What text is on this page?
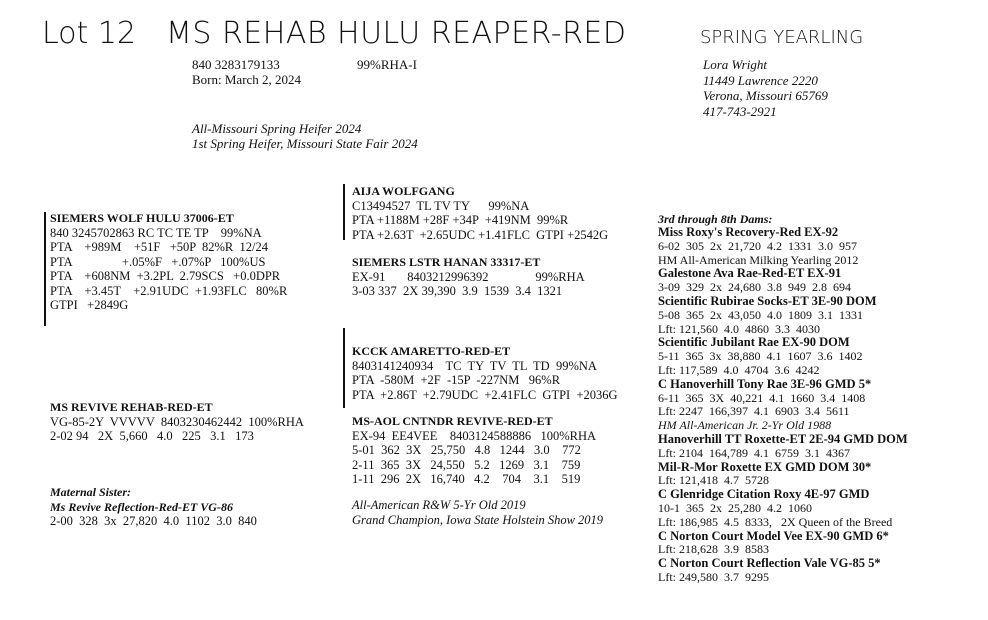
Lot 12 MS REHAB HULU REAPER-RED	SPRING YEARLING
840 3283179133	99%RHA-I
Born: March 2, 2024
All-Missouri Spring Heifer 2024
1st Spring Heifer, Missouri State Fair 2024
Lora Wright
11449 Lawrence 2220
Verona, Missouri 65769
417-743-2921
SIEMERS WOLF HULU 37006-ET
840 3245702863 RC TC TE TP    99%NA
PTA    +989M    +51F   +50P  82%R  12/24
PTA                +.05%F   +.07%P   100%US
PTA    +608NM  +3.2PL  2.79SCS   +0.0DPR
PTA    +3.45T    +2.91UDC  +1.93FLC   80%R
GTPI   +2849G
AIJA WOLFGANG
C13494527  TL TV TY      99%NA
PTA +1188M +28F +34P  +419NM  99%R
PTA +2.63T  +2.65UDC +1.41FLC  GTPI +2542G
SIEMERS LSTR HANAN 33317-ET
EX-91       8403212996392               99%RHA
3-03 337  2X 39,390  3.9  1539  3.4  1321
KCCK AMARETTO-RED-ET
8403141240934    TC  TY  TV  TL  TD  99%NA
PTA  -580M  +2F  -15P  -227NM   96%R
PTA  +2.86T  +2.79UDC  +2.41FLC  GTPI  +2036G
MS REVIVE REHAB-RED-ET
VG-85-2Y  VVVVV  8403230462442  100%RHA
2-02 94   2X  5,660   4.0   225   3.1   173
MS-AOL CNTNDR REVIVE-RED-ET
EX-94  EE4VEE    8403124588886   100%RHA
5-01  362  3X   25,750   4.8   1244   3.0    772
2-11  365  3X   24,550   5.2   1269   3.1    759
1-11  296  2X   16,740   4.2    704    3.1    519
All-American R&W 5-Yr Old 2019
Grand Champion, Iowa State Holstein Show 2019
Maternal Sister:
Ms Revive Reflection-Red-ET VG-86
2-00  328  3x  27,820  4.0  1102  3.0  840
3rd through 8th Dams:
Miss Roxy's Recovery-Red EX-92
6-02  305  2x  21,720  4.2  1331  3.0  957
HM All-American Milking Yearling 2012
Galestone Ava Rae-Red-ET EX-91
3-09  329  2x  24,680  3.8  949  2.8  694
Scientific Rubirae Socks-ET 3E-90 DOM
5-08  365  2x  43,050  4.0  1809  3.1  1331
Lft: 121,560  4.0  4860  3.3  4030
Scientific Jubilant Rae EX-90 DOM
5-11  365  3x  38,880  4.1  1607  3.6  1402
Lft: 117,589  4.0  4704  3.6  4242
C Hanoverhill Tony Rae 3E-96 GMD 5*
6-11  365  3X  40,221  4.1  1660  3.4  1408
Lft: 2247  166,397  4.1  6903  3.4  5611
HM All-American Jr. 2-Yr Old 1988
Hanoverhill TT Roxette-ET 2E-94 GMD DOM
Lft: 2104  164,789  4.1  6759  3.1  4367
Mil-R-Mor Roxette EX GMD DOM 30*
Lft: 121,418  4.7  5728
C Glenridge Citation Roxy 4E-97 GMD
10-1  365  2x  25,280  4.2  1060
Lft: 186,985  4.5  8333,   2X Queen of the Breed
C Norton Court Model Vee EX-90 GMD 6*
Lft: 218,628  3.9  8583
C Norton Court Reflection Vale VG-85 5*
Lft: 249,580  3.7  9295
